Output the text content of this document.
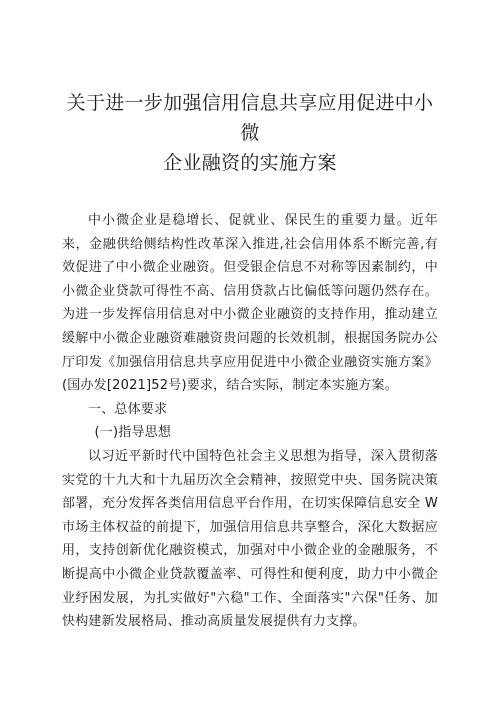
关于进一步加强信用信息共享应用促进中小微
企业融资的实施方案

中小微企业是稳增长、促就业、保民生的重要力量。近年来，金融供给侧结构性改革深入推进,社会信用体系不断完善,有效促进了中小微企业融资。但受银企信息不对称等因素制约，中小微企业贷款可得性不高、信用贷款占比偏低等问题仍然存在。为进一步发挥信用信息对中小微企业融资的支持作用，推动建立缓解中小微企业融资难融资贵问题的长效机制，根据国务院办公厅印发《加强信用信息共享应用促进中小微企业融资实施方案》(国办发[2021]52号)要求，结合实际，制定本实施方案。

一、总体要求

(一)指导思想

以习近平新时代中国特色社会主义思想为指导，深入贯彻落实党的十九大和十九届历次全会精神，按照党中央、国务院决策部署，充分发挥各类信用信息平台作用，在切实保障信息安全 W 市场主体权益的前提下，加强信用信息共享整合，深化大数据应用，支持创新优化融资模式，加强对中小微企业的金融服务，不断提高中小微企业贷款覆盖率、可得性和便利度，助力中小微企业纾困发展，为扎实做好"六稳"工作、全面落实"六保"任务、加快构建新发展格局、推动高质量发展提供有力支撑。
